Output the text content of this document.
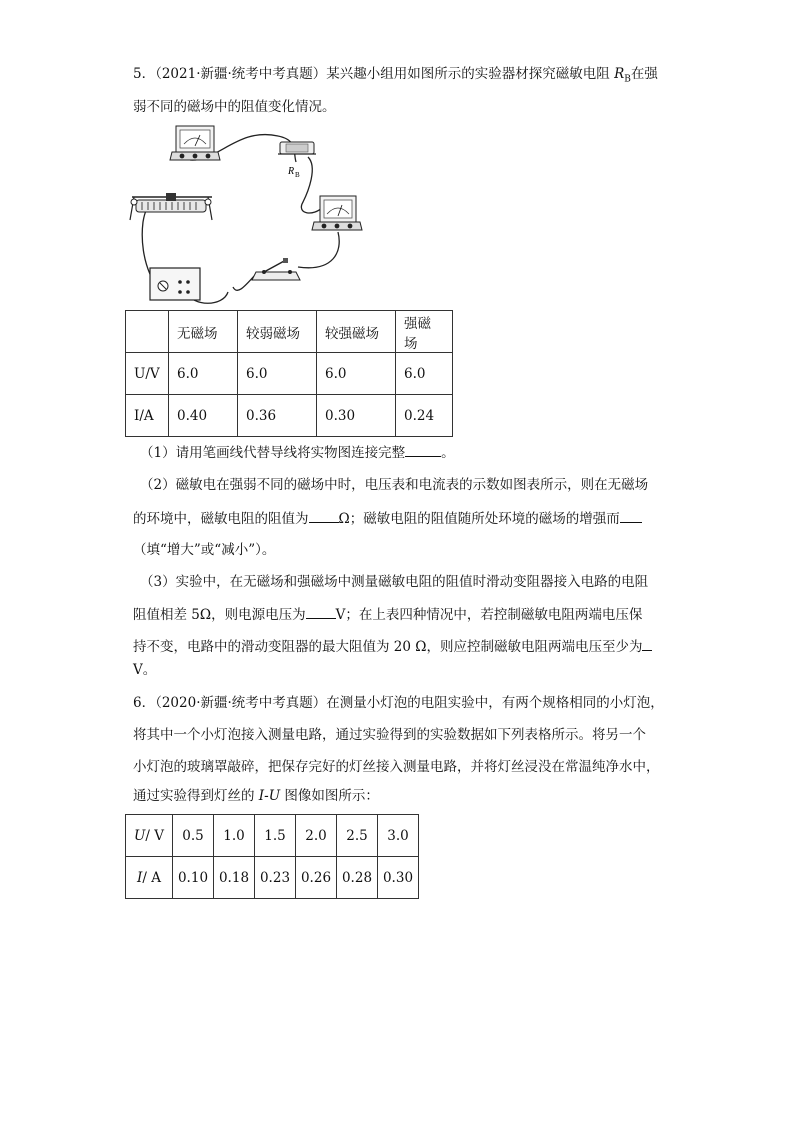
5．（2021·新疆·统考中考真题）某兴趣小组用如图所示的实验器材探究磁敏电阻 $R_B$在强
弱不同的磁场中的阻值变化情况。
R B
	无磁场	较弱磁场	较强磁场	强磁场
U/V	6.0	6.0	6.0	6.0
I/A	0.40	0.36	0.30	0.24
（1）请用笔画线代替导线将实物图连接完整	。
（2）磁敏电在强弱不同的磁场中时，电压表和电流表的示数如图表所示，则在无磁场
的环境中，磁敏电阻的阻值为 Ω；磁敏电阻的阻值随所处环境的磁场的增强而
（填“增大”或“减小”）。
（3）实验中，在无磁场和强磁场中测量磁敏电阻的阻值时滑动变阻器接入电路的电阻
阻值相差 5Ω，则电源电压为 V；在上表四种情况中，若控制磁敏电阻两端电压保
持不变，电路中的滑动变阻器的最大阻值为 20 Ω，则应控制磁敏电阻两端电压至少为
V。
6．（2020·新疆·统考中考真题）在测量小灯泡的电阻实验中，有两个规格相同的小灯泡，
将其中一个小灯泡接入测量电路，通过实验得到的实验数据如下列表格所示。将另一个
小灯泡的玻璃罩敲碎，把保存完好的灯丝接入测量电路，并将灯丝浸没在常温纯净水中，
通过实验得到灯丝的 I-U 图像如图所示：
U/ V	0.5	1.0	1.5	2.0	2.5	3.0
I/ A	0.10	0.18	0.23	0.26	0.28	0.30
